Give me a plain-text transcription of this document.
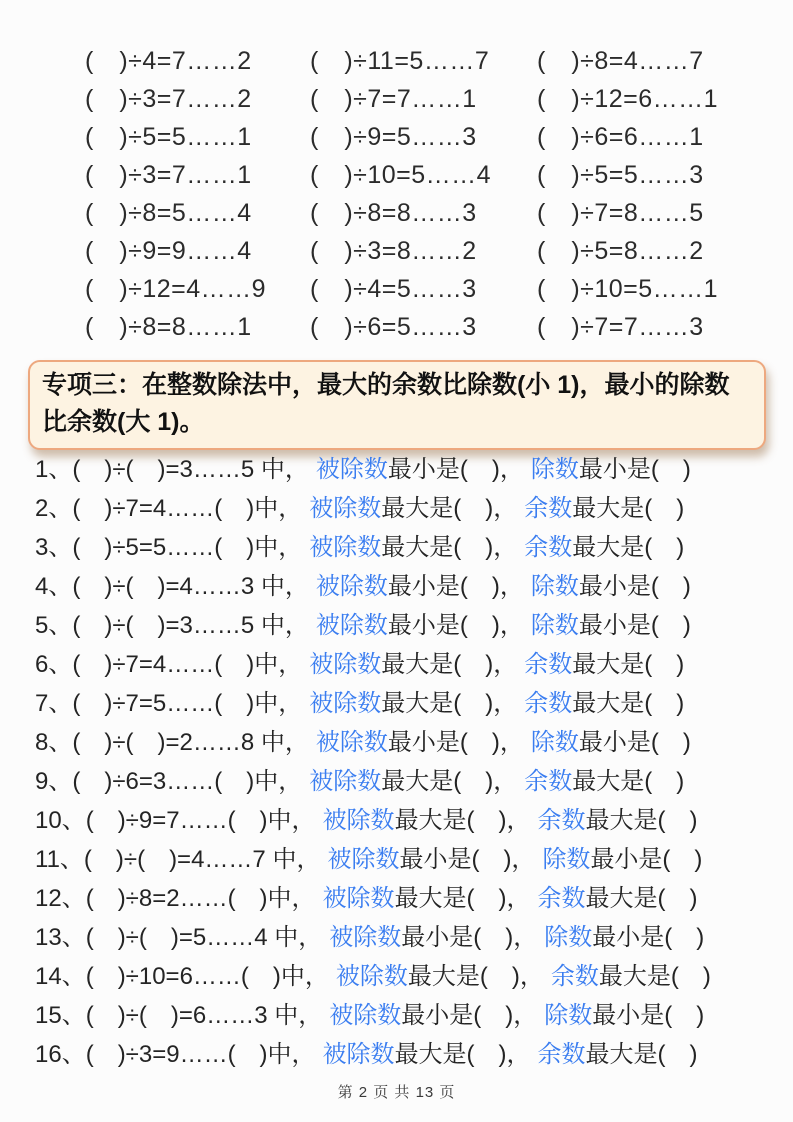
(　)÷4=7……2	(　)÷11=5……7	(　)÷8=4……7
(　)÷3=7……2	(　)÷7=7……1	(　)÷12=6……1
(　)÷5=5……1	(　)÷9=5……3	(　)÷6=6……1
(　)÷3=7……1	(　)÷10=5……4	(　)÷5=5……3
(　)÷8=5……4	(　)÷8=8……3	(　)÷7=8……5
(　)÷9=9……4	(　)÷3=8……2	(　)÷5=8……2
(　)÷12=4……9	(　)÷4=5……3	(　)÷10=5……1
(　)÷8=8……1	(　)÷6=5……3	(　)÷7=7……3
专项三：在整数除法中，最大的余数比除数(小 1)，最小的除数比余数(大 1)。
1、 (　)÷(　)=3……5 中， 被除数 最小是(　)， 除数 最小是(　)
2、 (　)÷7=4……(　)中， 被除数 最大是(　)， 余数 最大是(　)
3、 (　)÷5=5……(　)中， 被除数 最大是(　)， 余数 最大是(　)
4、 (　)÷(　)=4……3 中， 被除数 最小是(　)， 除数 最小是(　)
5、 (　)÷(　)=3……5 中， 被除数 最小是(　)， 除数 最小是(　)
6、 (　)÷7=4……(　)中， 被除数 最大是(　)， 余数 最大是(　)
7、 (　)÷7=5……(　)中， 被除数 最大是(　)， 余数 最大是(　)
8、 (　)÷(　)=2……8 中， 被除数 最小是(　)， 除数 最小是(　)
9、 (　)÷6=3……(　)中， 被除数 最大是(　)， 余数 最大是(　)
10、 (　)÷9=7……(　)中， 被除数 最大是(　)， 余数 最大是(　)
11、 (　)÷(　)=4……7 中， 被除数 最小是(　)， 除数 最小是(　)
12、 (　)÷8=2……(　)中， 被除数 最大是(　)， 余数 最大是(　)
13、 (　)÷(　)=5……4 中， 被除数 最小是(　)， 除数 最小是(　)
14、 (　)÷10=6……(　)中， 被除数 最大是(　)， 余数 最大是(　)
15、 (　)÷(　)=6……3 中， 被除数 最小是(　)， 除数 最小是(　)
16、 (　)÷3=9……(　)中， 被除数 最大是(　)， 余数 最大是(　)
第 2 页 共 13 页
